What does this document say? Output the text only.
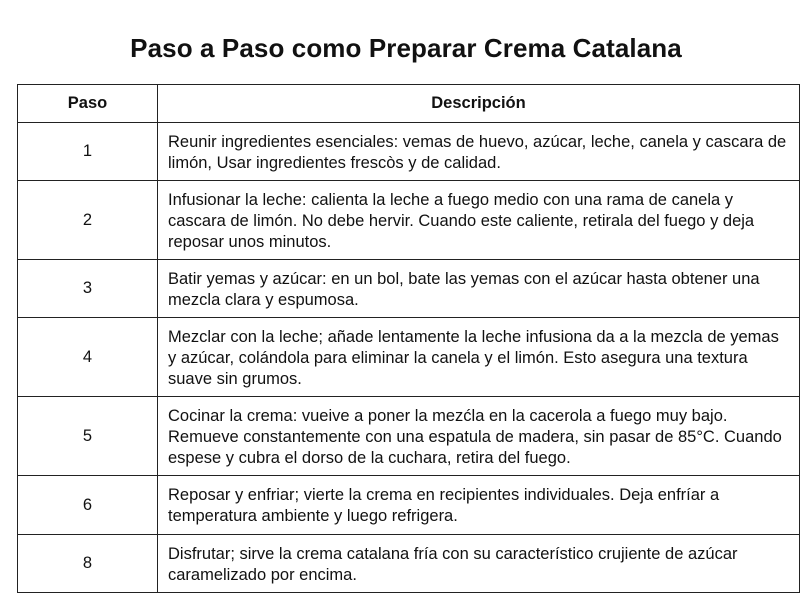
Paso a Paso como Preparar Crema Catalana
Paso	Descripción
1	Reunir ingredientes esenciales: vemas de huevo, azúcar, leche, canela y cascara de limón, Usar ingredientes frescòs y de calidad.
2	Infusionar la leche: calienta la leche a fuego medio con una rama de canela y cascara de limón. No debe hervir. Cuando este caliente, retirala del fuego y deja reposar unos minutos.
3	Batir yemas y azúcar: en un bol, bate las yemas con el azúcar hasta obtener una mezcla clara y espumosa.
4	Mezclar con la leche; añade lentamente la leche infusiona da a la mezcla de yemas y azúcar, colándola para eliminar la canela y el limón. Esto asegura una textura suave sin grumos.
5	Cocinar la crema: vueive a poner la mezćla en la cacerola a fuego muy bajo. Remueve constantemente con una espatula de madera, sin pasar de 85°C. Cuando espese y cubra el dorso de la cuchara, retira del fuego.
6	Reposar y enfriar; vierte la crema en recipientes individuales. Deja enfríar a temperatura ambiente y luego refrigera.
8	Disfrutar; sirve la crema catalana fría con su característico crujiente de azúcar caramelizado por encima.
